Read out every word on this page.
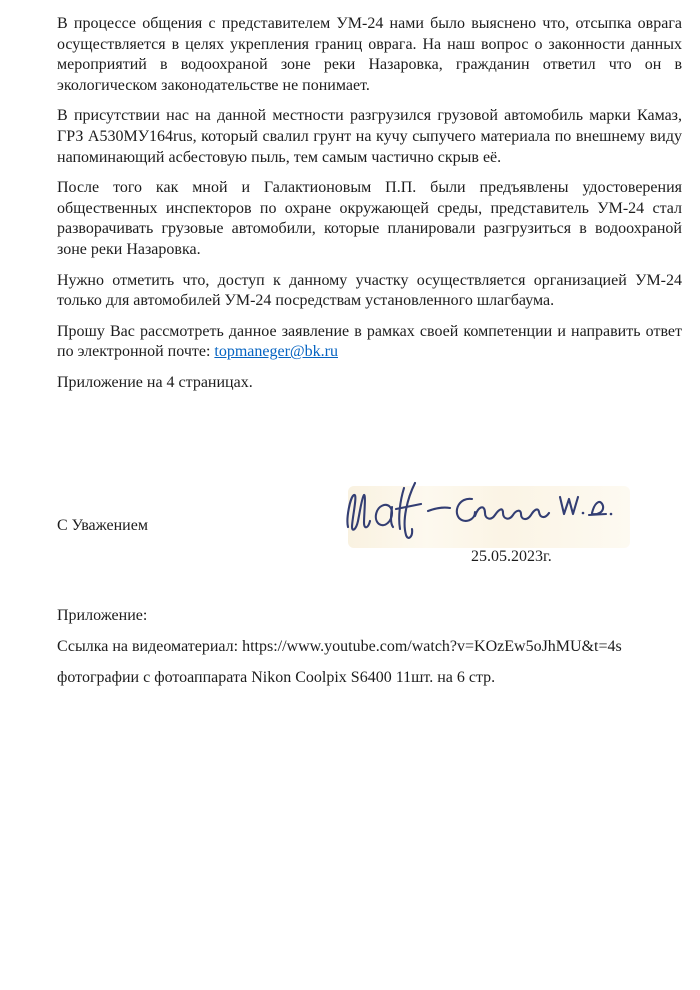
В процессе общения с представителем УМ-24 нами было выяснено что, отсыпка оврага осуществляется в целях укрепления границ оврага. На наш вопрос о законности данных мероприятий в водоохраной зоне реки Назаровка, гражданин ответил что он в экологическом законодательстве не понимает.

В присутствии нас на данной местности разгрузился грузовой автомобиль марки Камаз, ГРЗ А530МУ164rus, который свалил грунт на кучу сыпучего материала по внешнему виду напоминающий асбестовую пыль, тем самым частично скрыв её.

После того как мной и Галактионовым П.П. были предъявлены удостоверения общественных инспекторов по охране окружающей среды, представитель УМ-24 стал разворачивать грузовые автомобили, которые планировали разгрузиться в водоохраной зоне реки Назаровка.

Нужно отметить что, доступ к данному участку осуществляется организацией УМ-24 только для автомобилей УМ-24 посредствам установленного шлагбаума.

Прошу Вас рассмотреть данное заявление в рамках своей компетенции и направить ответ по электронной почте: topmaneger@bk.ru

Приложение на 4 страницах.

С Уважением
25.05.2023г.
Приложение:
Ссылка на видеоматериал: https://www.youtube.com/watch?v=KOzEw5oJhMU&t=4s
фотографии с фотоаппарата Nikon Coolpix S6400 11шт. на 6 стр.
